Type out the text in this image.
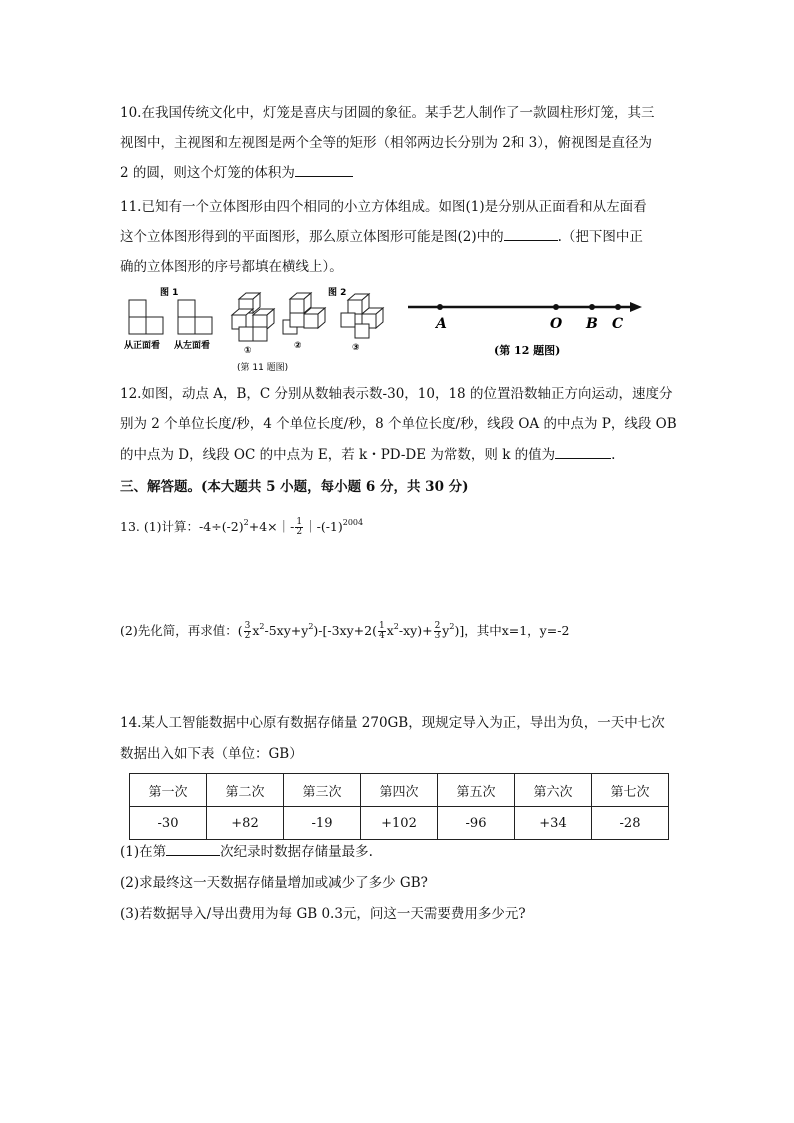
10.在我国传统文化中，灯笼是喜庆与团圆的象征。某手艺人制作了一款圆柱形灯笼，其三
视图中，主视图和左视图是两个全等的矩形（相邻两边长分别为 2和 3），俯视图是直径为
2 的圆，则这个灯笼的体积为
11.已知有一个立体图形由四个相同的小立方体组成。如图(1)是分别从正面看和从左面看
这个立体图形得到的平面图形，那么原立体图形可能是图(2)中的	.（把下图中正
确的立体图形的序号都填在横线上）。
图 1	图 2
从正面看 从左面看	①	②	③
(第 11 题图)
A	O B C
(第 12 题图)
12.如图，动点 A，B，C 分别从数轴表示数-30，10，18 的位置沿数轴正方向运动，速度分
别为 2 个单位长度/秒，4 个单位长度/秒，8 个单位长度/秒，线段 OA 的中点为 P，线段 OB
的中点为 D，线段 OC 的中点为 E，若 k・PD-DE 为常数，则 k 的值为	.
三、解答题。(本大题共 5 小题，每小题 6 分，共 30 分)
13. (1)计算：$-4\div(-2)^2+4\times|- \frac{1}{2}$ $|-(-1)^{2004}$
(2)先化简，再求值：( $\frac{3}{2} x^2-5xy+y^2)-[-3xy+2( \frac{1}{4} x^2-xy)+ \frac{2}{3} y^2)$]，其中x=1，y=-2
14.某人工智能数据中心原有数据存储量 270GB，现规定导入为正，导出为负，一天中七次
数据出入如下表（单位：GB）
第一次	第二次	第三次	第四次	第五次	第六次	第七次
-30	+82	-19	+102	-96	+34	-28
(1)在第	次纪录时数据存储量最多.
(2)求最终这一天数据存储量增加或减少了多少 GB?
(3)若数据导入/导出费用为每 GB 0.3元，问这一天需要费用多少元?
